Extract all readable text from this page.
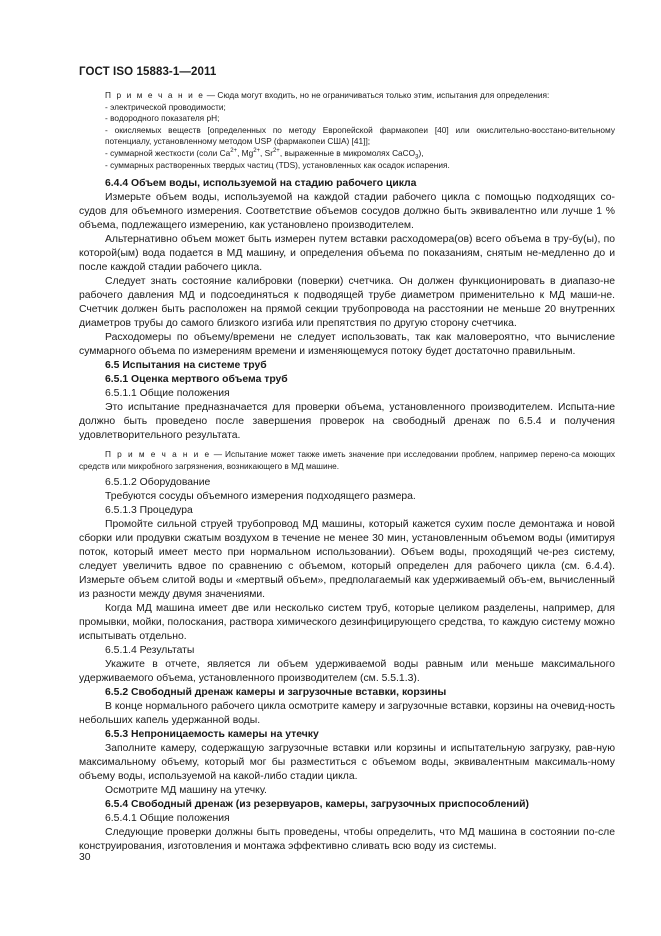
ГОСТ ISO 15883-1—2011

П р и м е ч а н и е — Сюда могут входить, но не ограничиваться только этим, испытания для определения:

- электрической проводимости;

- водородного показателя pH;

- окисляемых веществ [определенных по методу Европейской фармакопеи [40] или окислительно-восстано-вительному потенциалу, установленному методом USP (фармакопеи США) [41]];

- суммарной жесткости (соли $Ca^{2+}$, $Mg^{2+}$, $Sr^{2+}$, выраженные в микромолях CaCO$_3$),

- суммарных растворенных твердых частиц (TDS), установленных как осадок испарения.

6.4.4 Объем воды, используемой на стадию рабочего цикла

Измерьте объем воды, используемой на каждой стадии рабочего цикла с помощью подходящих со-судов для объемного измерения. Соответствие объемов сосудов должно быть эквивалентно или лучше 1 % объема, подлежащего измерению, как установлено производителем.

Альтернативно объем может быть измерен путем вставки расходомера(ов) всего объема в тру-бу(ы), по которой(ым) вода подается в МД машину, и определения объема по показаниям, снятым не-медленно до и после каждой стадии рабочего цикла.

Следует знать состояние калибровки (поверки) счетчика. Он должен функционировать в диапазо-не рабочего давления МД и подсоединяться к подводящей трубе диаметром применительно к МД маши-не. Счетчик должен быть расположен на прямой секции трубопровода на расстоянии не меньше 20 внутренних диаметров трубы до самого близкого изгиба или препятствия по другую сторону счетчика.

Расходомеры по объему/времени не следует использовать, так как маловероятно, что вычисление суммарного объема по измерениям времени и изменяющемуся потоку будет достаточно правильным.

6.5 Испытания на системе труб

6.5.1 Оценка мертвого объема труб

6.5.1.1 Общие положения

Это испытание предназначается для проверки объема, установленного производителем. Испыта-ние должно быть проведено после завершения проверок на свободный дренаж по 6.5.4 и получения удовлетворительного результата.

П р и м е ч а н и е — Испытание может также иметь значение при исследовании проблем, например перено-са моющих средств или микробного загрязнения, возникающего в МД машине.

6.5.1.2 Оборудование

Требуются сосуды объемного измерения подходящего размера.

6.5.1.3 Процедура

Промойте сильной струей трубопровод МД машины, который кажется сухим после демонтажа и новой сборки или продувки сжатым воздухом в течение не менее 30 мин, установленным объемом воды (имитируя поток, который имеет место при нормальном использовании). Объем воды, проходящий че-рез систему, следует увеличить вдвое по сравнению с объемом, который определен для рабочего цикла (см. 6.4.4). Измерьте объем слитой воды и «мертвый объем», предполагаемый как удерживаемый объ-ем, вычисленный из разности между двумя значениями.

Когда МД машина имеет две или несколько систем труб, которые целиком разделены, например, для промывки, мойки, полоскания, раствора химического дезинфицирующего средства, то каждую систему можно испытывать отдельно.

6.5.1.4 Результаты

Укажите в отчете, является ли объем удерживаемой воды равным или меньше максимального удерживаемого объема, установленного производителем (см. 5.5.1.3).

6.5.2 Свободный дренаж камеры и загрузочные вставки, корзины

В конце нормального рабочего цикла осмотрите камеру и загрузочные вставки, корзины на очевид-ность небольших капель удержанной воды.

6.5.3 Непроницаемость камеры на утечку

Заполните камеру, содержащую загрузочные вставки или корзины и испытательную загрузку, рав-ную максимальному объему, который мог бы разместиться с объемом воды, эквивалентным максималь-ному объему воды, используемой на какой-либо стадии цикла.

Осмотрите МД машину на утечку.

6.5.4 Свободный дренаж (из резервуаров, камеры, загрузочных приспособлений)

6.5.4.1 Общие положения

Следующие проверки должны быть проведены, чтобы определить, что МД машина в состоянии по-сле конструирования, изготовления и монтажа эффективно сливать всю воду из системы.

30
